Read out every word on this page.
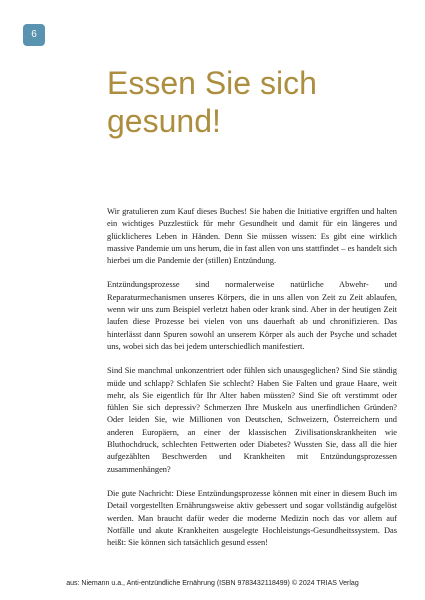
6
Essen Sie sich
gesund!

Wir gratulieren zum Kauf dieses Buches! Sie haben die Initiative ergriffen und halten ein wichtiges Puzzlestück für mehr Gesundheit und damit für ein längeres und glücklicheres Leben in Händen. Denn Sie müssen wissen: Es gibt eine wirklich massive Pandemie um uns herum, die in fast allen von uns stattfindet – es handelt sich hierbei um die Pandemie der (stillen) Entzündung.

Entzündungsprozesse sind normalerweise natürliche Abwehr- und Reparaturmechanismen unseres Körpers, die in uns allen von Zeit zu Zeit ablaufen, wenn wir uns zum Beispiel verletzt haben oder krank sind. Aber in der heutigen Zeit laufen diese Prozesse bei vielen von uns dauerhaft ab und chronifizieren. Das hinterlässt dann Spuren sowohl an unserem Körper als auch der Psyche und schadet uns, wobei sich das bei jedem unterschiedlich manifestiert.

Sind Sie manchmal unkonzentriert oder fühlen sich unausgeglichen? Sind Sie ständig müde und schlapp? Schlafen Sie schlecht? Haben Sie Falten und graue Haare, weit mehr, als Sie eigentlich für Ihr Alter haben müssten? Sind Sie oft verstimmt oder fühlen Sie sich depressiv? Schmerzen Ihre Muskeln aus unerfindlichen Gründen? Oder leiden Sie, wie Millionen von Deutschen, Schweizern, Österreichern und anderen Europäern, an einer der klassischen Zivilisationskrankheiten wie Bluthochdruck, schlechten Fettwerten oder Diabetes? Wussten Sie, dass all die hier aufgezählten Beschwerden und Krankheiten mit Entzündungsprozessen zusammenhängen?

Die gute Nachricht: Diese Entzündungsprozesse können mit einer in diesem Buch im Detail vorgestellten Ernährungsweise aktiv gebessert und sogar vollständig aufgelöst werden. Man braucht dafür weder die moderne Medizin noch das vor allem auf Notfälle und akute Krankheiten ausgelegte Hochleistungs-Gesundheitssystem. Das heißt: Sie können sich tatsächlich gesund essen!

aus: Niemann u.a., Anti-entzündliche Ernährung (ISBN 9783432118499) © 2024 TRIAS Verlag
